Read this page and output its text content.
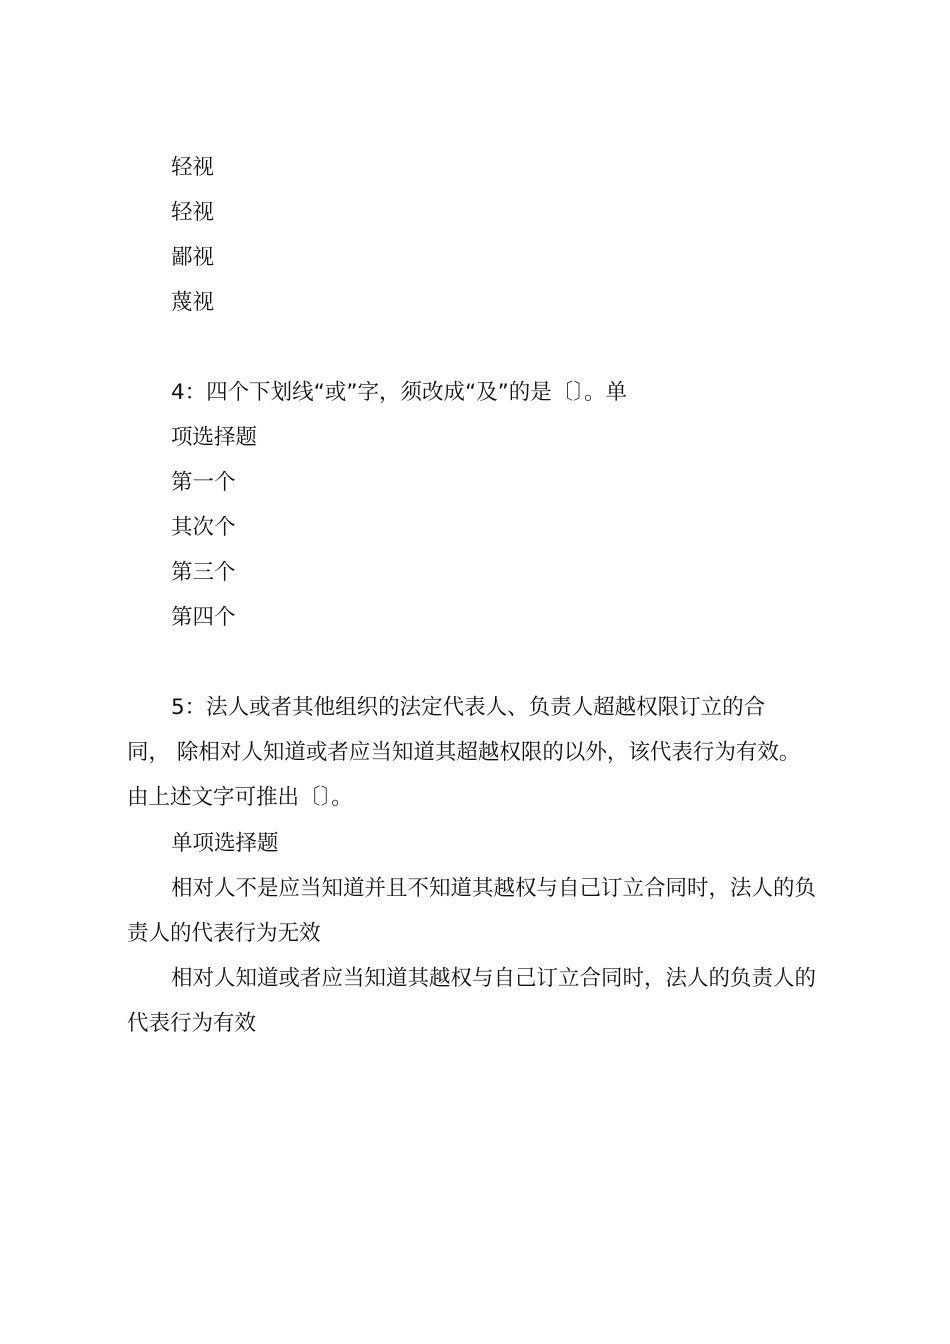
轻视
轻视
鄙视
蔑视
4：四个下划线“或”字，须改成“及”的是〔〕。单
项选择题
第一个
其次个
第三个
第四个
5：法人或者其他组织的法定代表人、负责人超越权限订立的合
同， 除相对人知道或者应当知道其超越权限的以外，该代表行为有效。
由上述文字可推出〔〕。
单项选择题
相对人不是应当知道并且不知道其越权与自己订立合同时，法人的负
责人的代表行为无效
相对人知道或者应当知道其越权与自己订立合同时，法人的负责人的
代表行为有效
